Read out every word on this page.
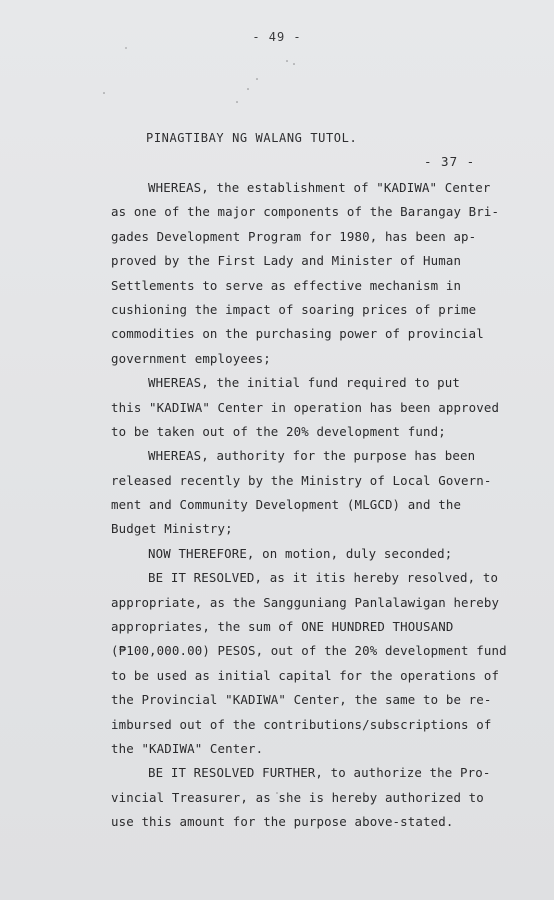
- 49 -
PINAGTIBAY NG WALANG TUTOL.
- 37 -
WHEREAS, the establishment of "KADIWA" Center
as one of the major components of the Barangay Bri-
gades Development Program for 1980, has been ap-
proved by the First Lady and Minister of Human
Settlements to serve as effective mechanism in
cushioning the impact of soaring prices of prime
commodities on the purchasing power of provincial
government employees;
WHEREAS, the initial fund required to put
this "KADIWA" Center in operation has been approved
to be taken out of the 20% development fund;
WHEREAS, authority for the purpose has been
released recently by the Ministry of Local Govern-
ment and Community Development (MLGCD) and the
Budget Ministry;
NOW THEREFORE, on motion, duly seconded;
BE IT RESOLVED, as it itis hereby resolved, to
appropriate, as the Sangguniang Panlalawigan hereby
appropriates, the sum of ONE HUNDRED THOUSAND
(₱100,000.00) PESOS, out of the 20% development fund
to be used as initial capital for the operations of
the Provincial "KADIWA" Center, the same to be re-
imbursed out of the contributions/subscriptions of
the "KADIWA" Center.
BE IT RESOLVED FURTHER, to authorize the Pro-
vincial Treasurer, as she is hereby authorized to
use this amount for the purpose above-stated.
